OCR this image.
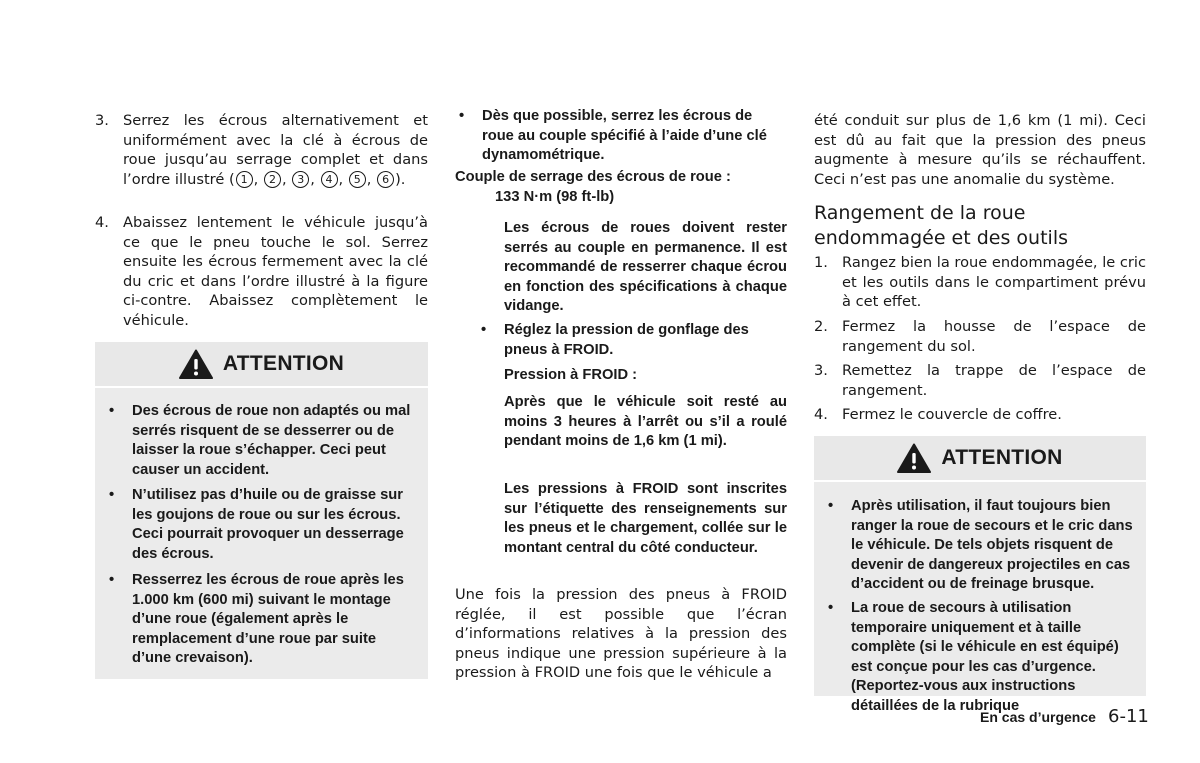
3. Serrez les écrous alternativement et uniformément avec la clé à écrous de roue jusqu’au serrage complet et dans l’ordre illustré ( 1 , 2 , 3 , 4 , 5 , 6 ).
4. Abaissez lentement le véhicule jusqu’à ce que le pneu touche le sol. Serrez ensuite les écrous fermement avec la clé du cric et dans l’ordre illustré à la figure ci-contre. Abaissez complètement le véhicule.
ATTENTION
• Des écrous de roue non adaptés ou mal serrés risquent de se desserrer ou de laisser la roue s’échapper. Ceci peut causer un accident.
• N’utilisez pas d’huile ou de graisse sur les goujons de roue ou sur les écrous. Ceci pourrait provoquer un desserrage des écrous.
• Resserrez les écrous de roue après les 1.000 km (600 mi) suivant le montage d’une roue (également après le remplacement d’une roue par suite d’une crevaison).
• Dès que possible, serrez les écrous de roue au couple spécifié à l’aide d’une clé dynamométrique.
Couple de serrage des écrous de roue :
133 N·m (98 ft-lb)
Les écrous de roues doivent rester serrés au couple en permanence. Il est recommandé de resserrer chaque écrou en fonction des spécifications à chaque vidange.
• Réglez la pression de gonflage des pneus à FROID.
Pression à FROID :
Après que le véhicule soit resté au moins 3 heures à l’arrêt ou s’il a roulé pendant moins de 1,6 km (1 mi).
Les pressions à FROID sont inscrites sur l’étiquette des renseignements sur les pneus et le chargement, collée sur le montant central du côté conducteur.
Une fois la pression des pneus à FROID réglée, il est possible que l’écran d’informations relatives à la pression des pneus indique une pression supérieure à la pression à FROID une fois que le véhicule a
été conduit sur plus de 1,6 km (1 mi). Ceci est dû au fait que la pression des pneus augmente à mesure qu’ils se réchauffent. Ceci n’est pas une anomalie du système.
Rangement de la roue endommagée et des outils
1. Rangez bien la roue endommagée, le cric et les outils dans le compartiment prévu à cet effet.
2. Fermez la housse de l’espace de rangement du sol.
3. Remettez la trappe de l’espace de rangement.
4. Fermez le couvercle de coffre.
ATTENTION
• Après utilisation, il faut toujours bien ranger la roue de secours et le cric dans le véhicule. De tels objets risquent de devenir de dangereux projectiles en cas d’accident ou de freinage brusque.
• La roue de secours à utilisation temporaire uniquement et à taille complète (si le véhicule en est équipé) est conçue pour les cas d’urgence. (Reportez-vous aux instructions détaillées de la rubrique
En cas d’urgence 6-11
